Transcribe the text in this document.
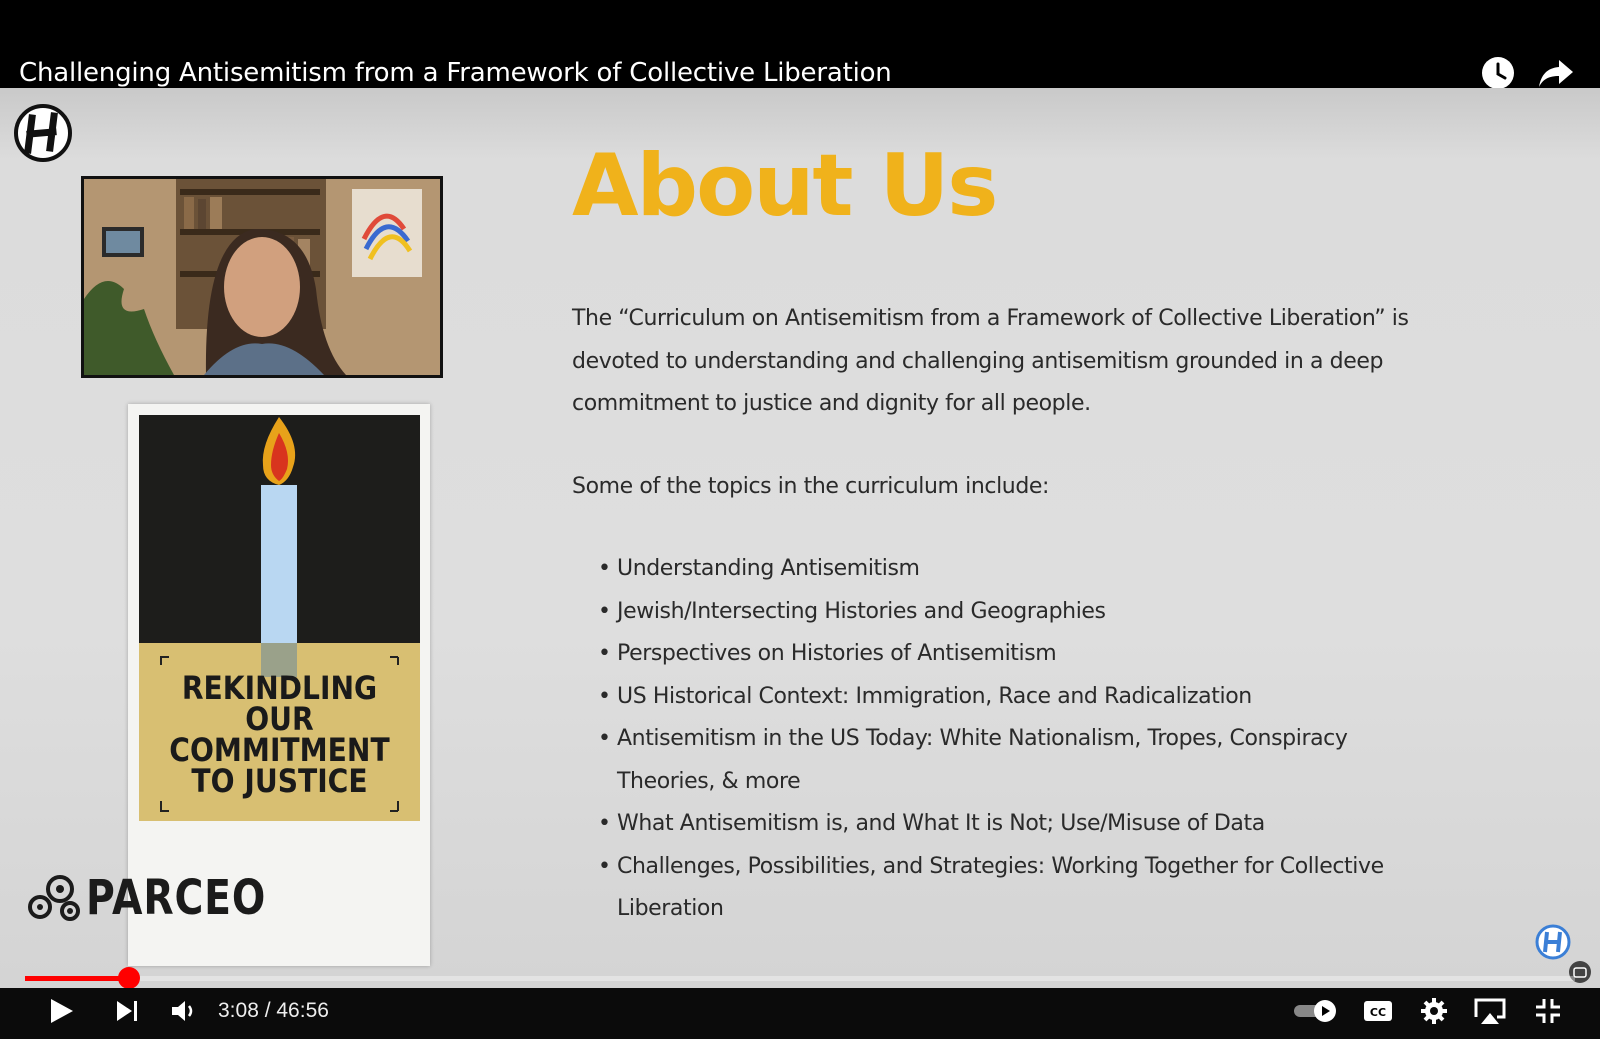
Challenging Antisemitism from a Framework of Collective Liberation
REKINDLING
OUR
COMMITMENT
TO JUSTICE
PARCEO
About Us
The “Curriculum on Antisemitism from a Framework of Collective Liberation” is
devoted to understanding and challenging antisemitism grounded in a deep
commitment to justice and dignity for all people.
Some of the topics in the curriculum include:
• Understanding Antisemitism
• Jewish/Intersecting Histories and Geographies
• Perspectives on Histories of Antisemitism
• US Historical Context: Immigration, Race and Radicalization
• Antisemitism in the US Today: White Nationalism, Tropes, Conspiracy Theories, & more
• What Antisemitism is, and What It is Not; Use/Misuse of Data
• Challenges, Possibilities, and Strategies: Working Together for Collective Liberation
3:08 / 46:56	CC
